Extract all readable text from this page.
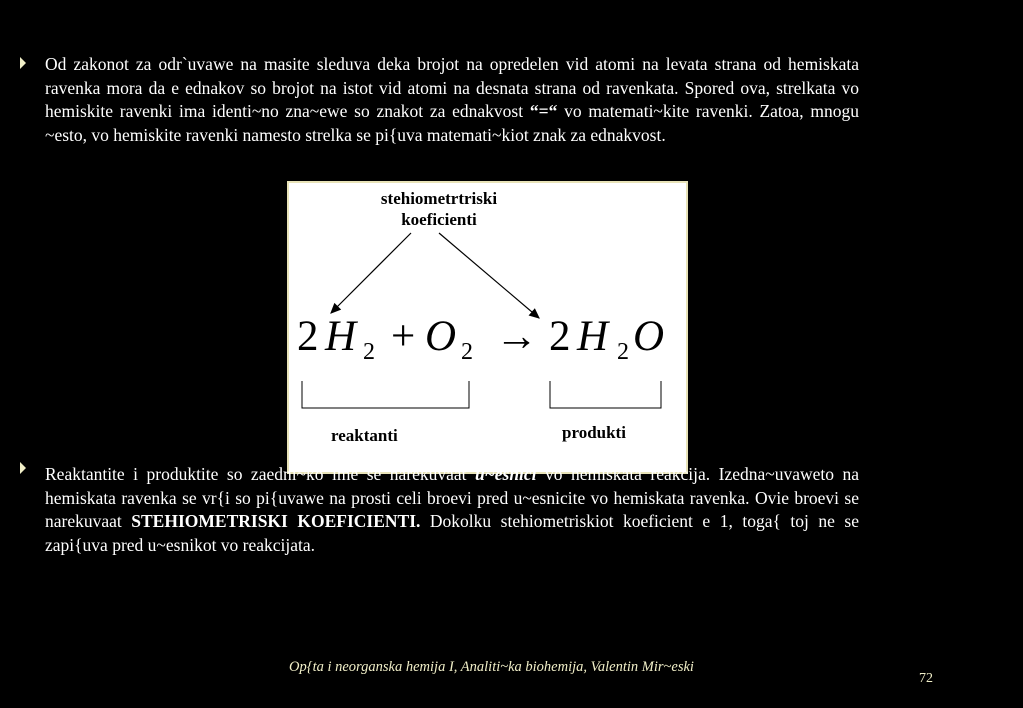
Od zakonot za odr`uvawe na masite sleduva deka brojot na opredelen vid atomi na levata strana od hemiskata ravenka mora da e ednakov so brojot na istot vid atomi na desnata strana od ravenkata. Spored ova, strelkata vo hemiskite ravenki ima identi~no zna~ewe so znakot za ednakvost “=“ vo matemati~kite ravenki. Zatoa, mnogu ~esto, vo hemiskite ravenki namesto strelka se pi{uva matemati~kiot znak za ednakvost.
stehiometrtriski
koeficienti
2 H 2 + O 2 → 2 H 2 O
reaktanti	produkti
Reaktantite i produktite so zaedni~ko ime se narekuvaat u~esnici vo hemiskata reakcija. Izedna~uvaweto na hemiskata ravenka se vr{i so pi{uvawe na prosti celi broevi pred u~esnicite vo hemiskata ravenka. Ovie broevi se narekuvaat STEHIOMETRISKI KOEFICIENTI. Dokolku stehiometriskiot koeficient e 1, toga{ toj ne se zapi{uva pred u~esnikot vo reakcijata.
Op{ta i neorganska hemija I, Analiti~ka biohemija, Valentin Mir~eski
72
